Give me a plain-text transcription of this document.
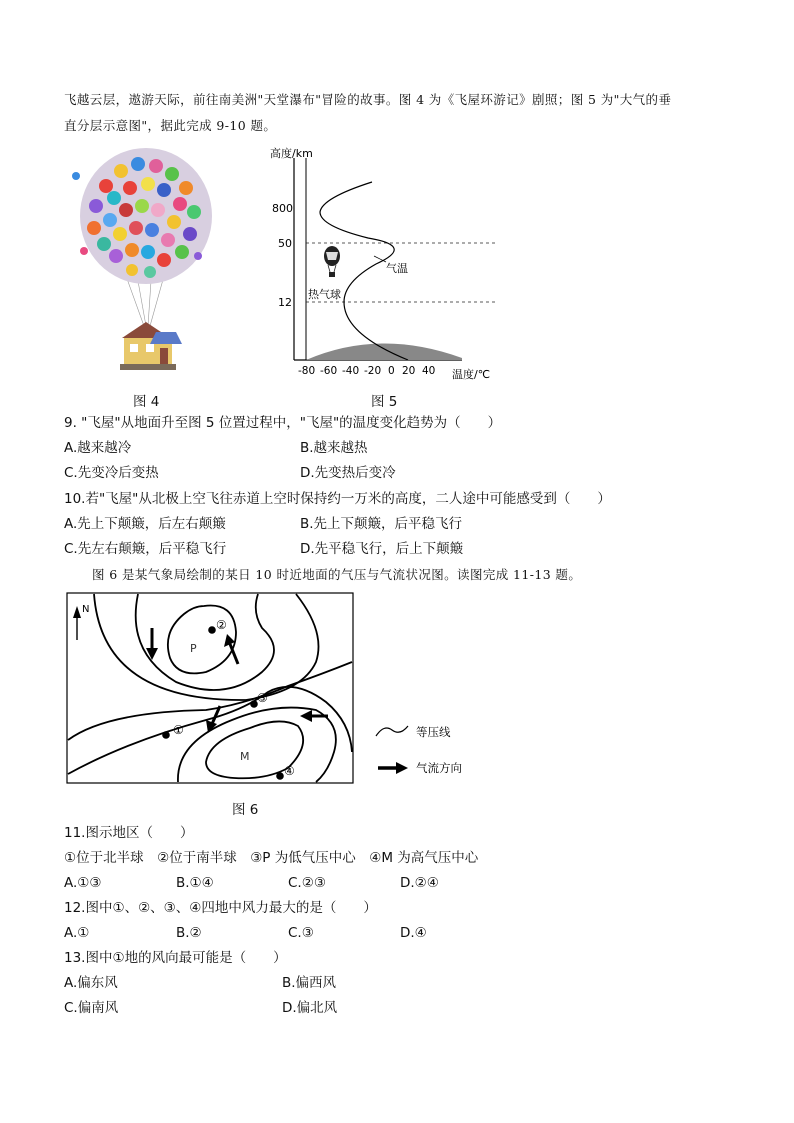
飞越云层，遨游天际，前往南美洲"天堂瀑布"冒险的故事。图 4 为《飞屋环游记》剧照；图 5 为"大气的垂
直分层示意图"，据此完成 9-10 题。
图 4
高度/km
800
50
12
气温
热气球
-80 -60 -40 -20 0 20 40 温度/℃
图 5
9. "飞屋"从地面升至图 5 位置过程中，"飞屋"的温度变化趋势为（　　）
A.越来越冷	B.越来越热
C.先变冷后变热	D.先变热后变冷
10.若"飞屋"从北极上空飞往赤道上空时保持约一万米的高度，二人途中可能感受到（　　）
A.先上下颠簸，后左右颠簸	B.先上下颠簸，后平稳飞行
C.先左右颠簸，后平稳飞行	D.先平稳飞行，后上下颠簸
图 6 是某气象局绘制的某日 10 时近地面的气压与气流状况图。读图完成 11-13 题。
N
②
③
①
④
P
M
等压线
气流方向
图 6
11.图示地区（　　）
①位于北半球　②位于南半球　③P 为低气压中心　④M 为高气压中心
A.①③	B.①④	C.②③	D.②④
12.图中①、②、③、④四地中风力最大的是（　　）
A.①	B.②	C.③	D.④
13.图中①地的风向最可能是（　　）
A.偏东风	B.偏西风
C.偏南风	D.偏北风
